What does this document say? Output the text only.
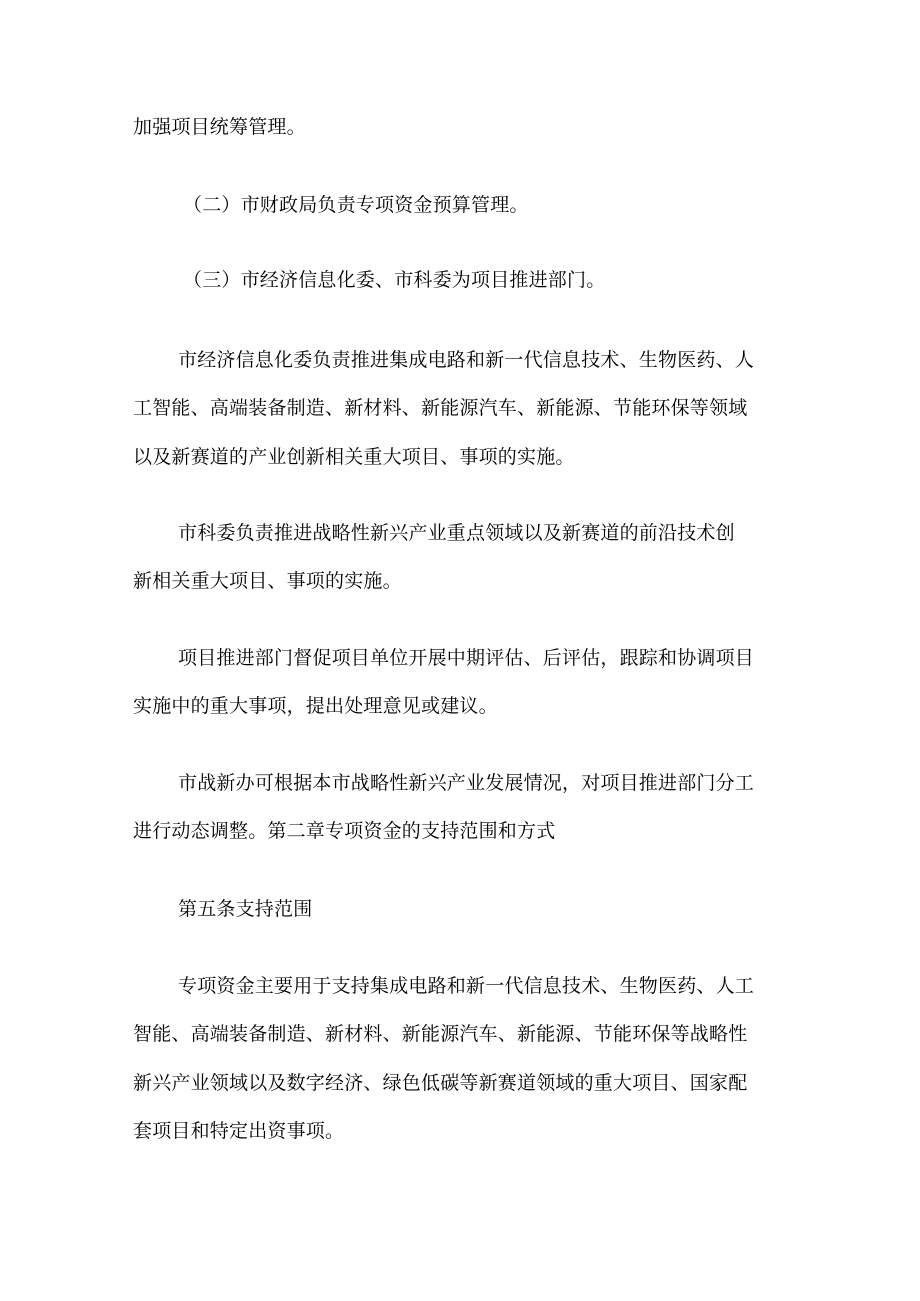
加强项目统筹管理。
（二）市财政局负责专项资金预算管理。
（三）市经济信息化委、市科委为项目推进部门。
市经济信息化委负责推进集成电路和新一代信息技术、生物医药、人
工智能、高端装备制造、新材料、新能源汽车、新能源、节能环保等领域
以及新赛道的产业创新相关重大项目、事项的实施。
市科委负责推进战略性新兴产业重点领域以及新赛道的前沿技术创
新相关重大项目、事项的实施。
项目推进部门督促项目单位开展中期评估、后评估，跟踪和协调项目
实施中的重大事项，提出处理意见或建议。
市战新办可根据本市战略性新兴产业发展情况，对项目推进部门分工
进行动态调整。第二章专项资金的支持范围和方式
第五条支持范围
专项资金主要用于支持集成电路和新一代信息技术、生物医药、人工
智能、高端装备制造、新材料、新能源汽车、新能源、节能环保等战略性
新兴产业领域以及数字经济、绿色低碳等新赛道领域的重大项目、国家配
套项目和特定出资事项。
